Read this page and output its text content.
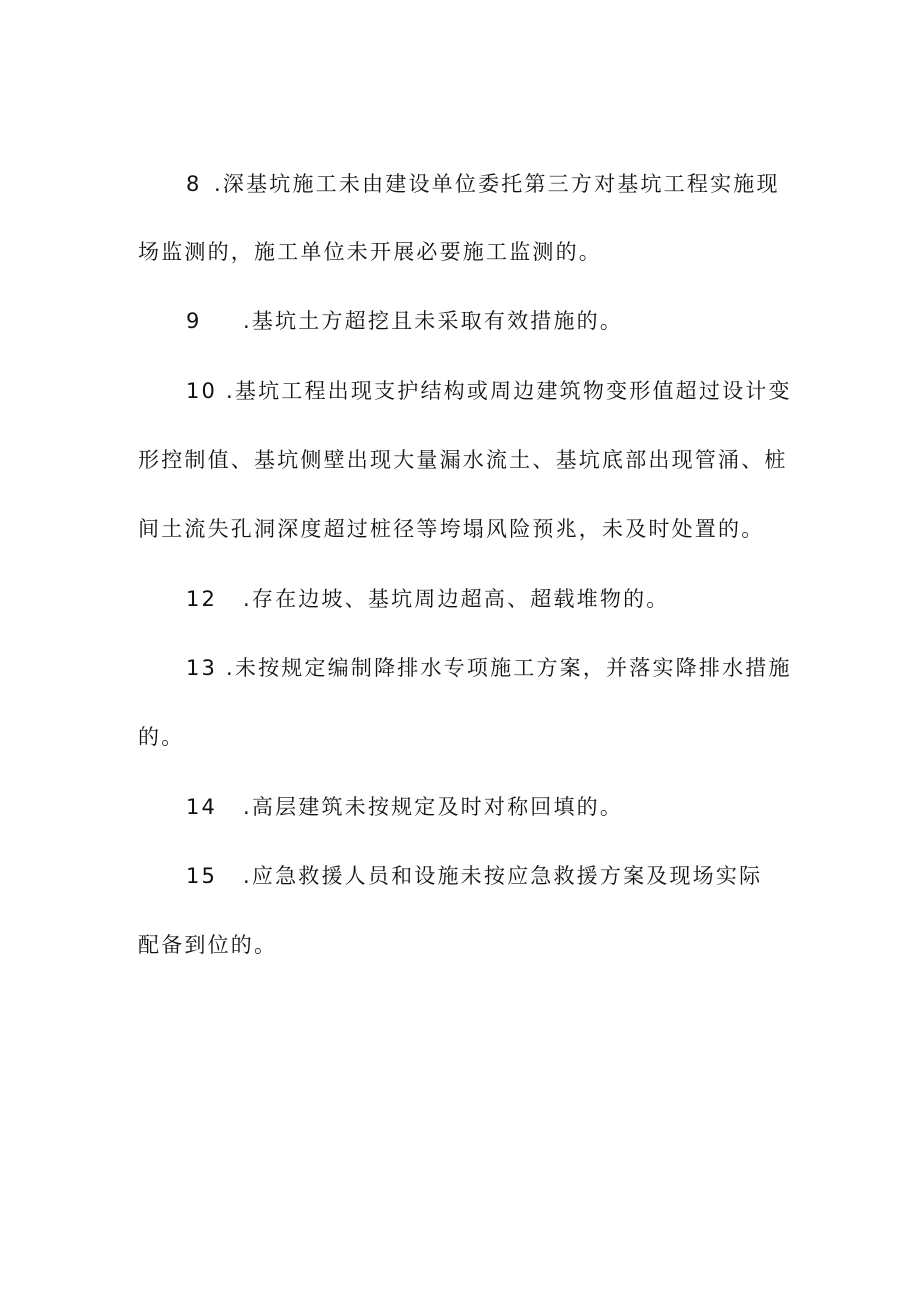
8 .深基坑施工未由建设单位委托第三方对基坑工程实施现
场监测的，施工单位未开展必要施工监测的。
9 .基坑土方超挖且未采取有效措施的。
10 .基坑工程出现支护结构或周边建筑物变形值超过设计变
形控制值、基坑侧壁出现大量漏水流土、基坑底部出现管涌、桩
间土流失孔洞深度超过桩径等垮塌风险预兆，未及时处置的。
12 .存在边坡、基坑周边超高、超载堆物的。
13 .未按规定编制降排水专项施工方案，并落实降排水措施
的。
14 .高层建筑未按规定及时对称回填的。
15 .应急救援人员和设施未按应急救援方案及现场实际
配备到位的。
